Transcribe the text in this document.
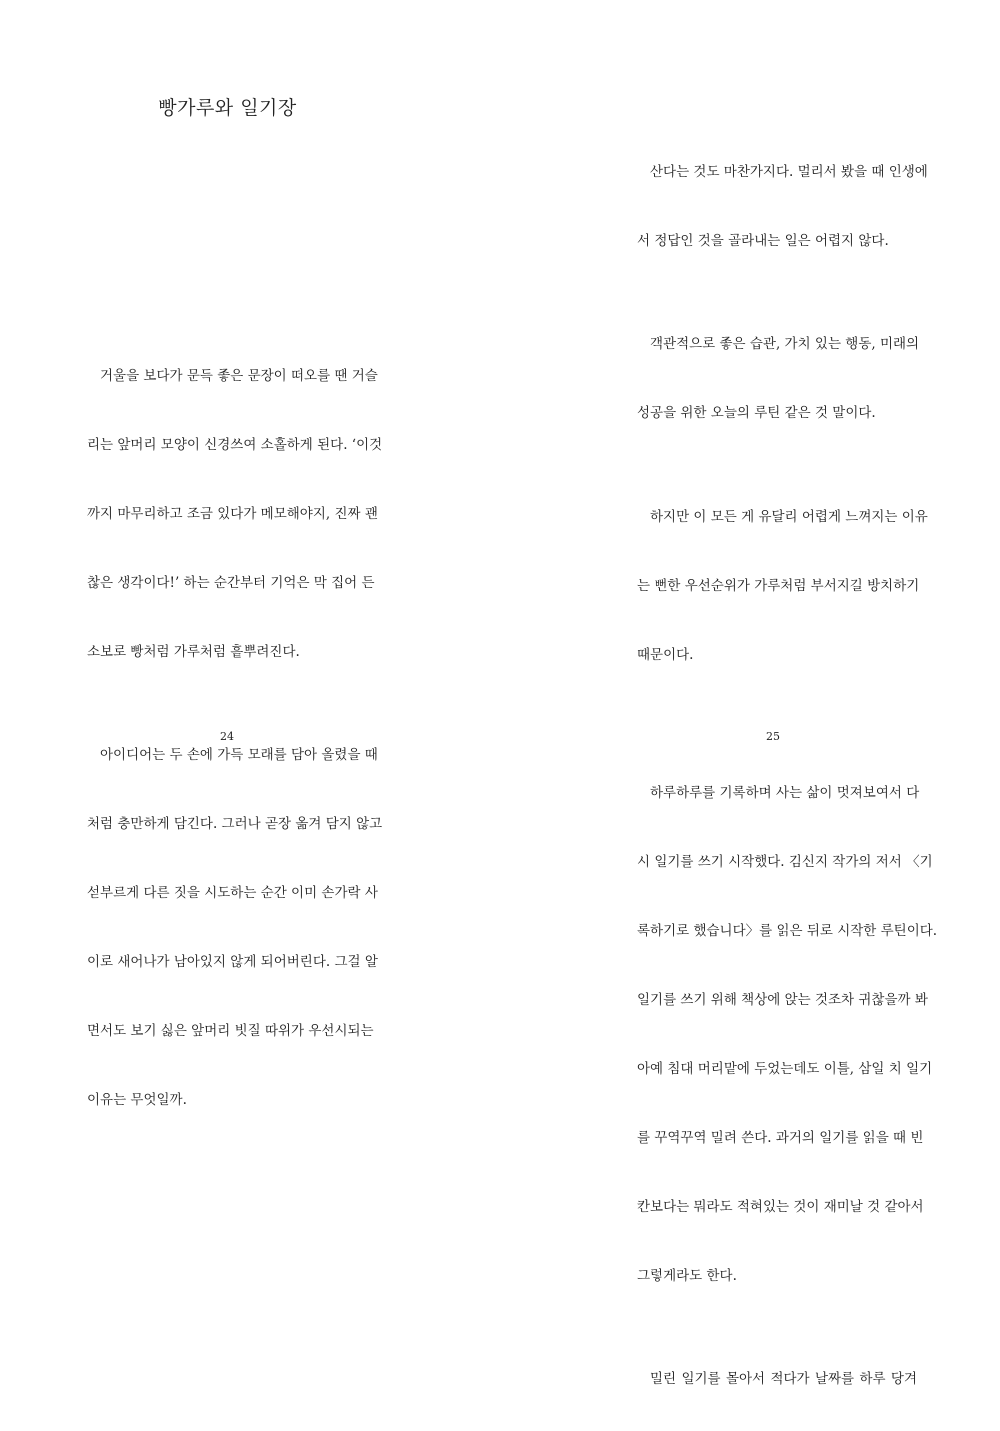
빵가루와 일기장

거울을 보다가 문득 좋은 문장이 떠오를 땐 거슬

리는 앞머리 모양이 신경쓰여 소홀하게 된다. ‘이것

까지 마무리하고 조금 있다가 메모해야지, 진짜 괜

찮은 생각이다!’ 하는 순간부터 기억은 막 집어 든

소보로 빵처럼 가루처럼 흩뿌려진다.

아이디어는 두 손에 가득 모래를 담아 올렸을 때

처럼 충만하게 담긴다. 그러나 곧장 옮겨 담지 않고

섣부르게 다른 짓을 시도하는 순간 이미 손가락 사

이로 새어나가 남아있지 않게 되어버린다. 그걸 알

면서도 보기 싫은 앞머리 빗질 따위가 우선시되는

이유는 무엇일까.

24

산다는 것도 마찬가지다. 멀리서 봤을 때 인생에

서 정답인 것을 골라내는 일은 어렵지 않다.

객관적으로 좋은 습관, 가치 있는 행동, 미래의

성공을 위한 오늘의 루틴 같은 것 말이다.

하지만 이 모든 게 유달리 어렵게 느껴지는 이유

는 뻔한 우선순위가 가루처럼 부서지길 방치하기

때문이다.

하루하루를 기록하며 사는 삶이 멋져보여서 다

시 일기를 쓰기 시작했다. 김신지 작가의 저서 〈기

록하기로 했습니다〉를 읽은 뒤로 시작한 루틴이다.

일기를 쓰기 위해 책상에 앉는 것조차 귀찮을까 봐

아예 침대 머리맡에 두었는데도 이틀, 삼일 치 일기

를 꾸역꾸역 밀려 쓴다. 과거의 일기를 읽을 때 빈

칸보다는 뭐라도 적혀있는 것이 재미날 것 같아서

그렇게라도 한다.

밀린 일기를 몰아서 적다가 날짜를 하루 당겨

25
